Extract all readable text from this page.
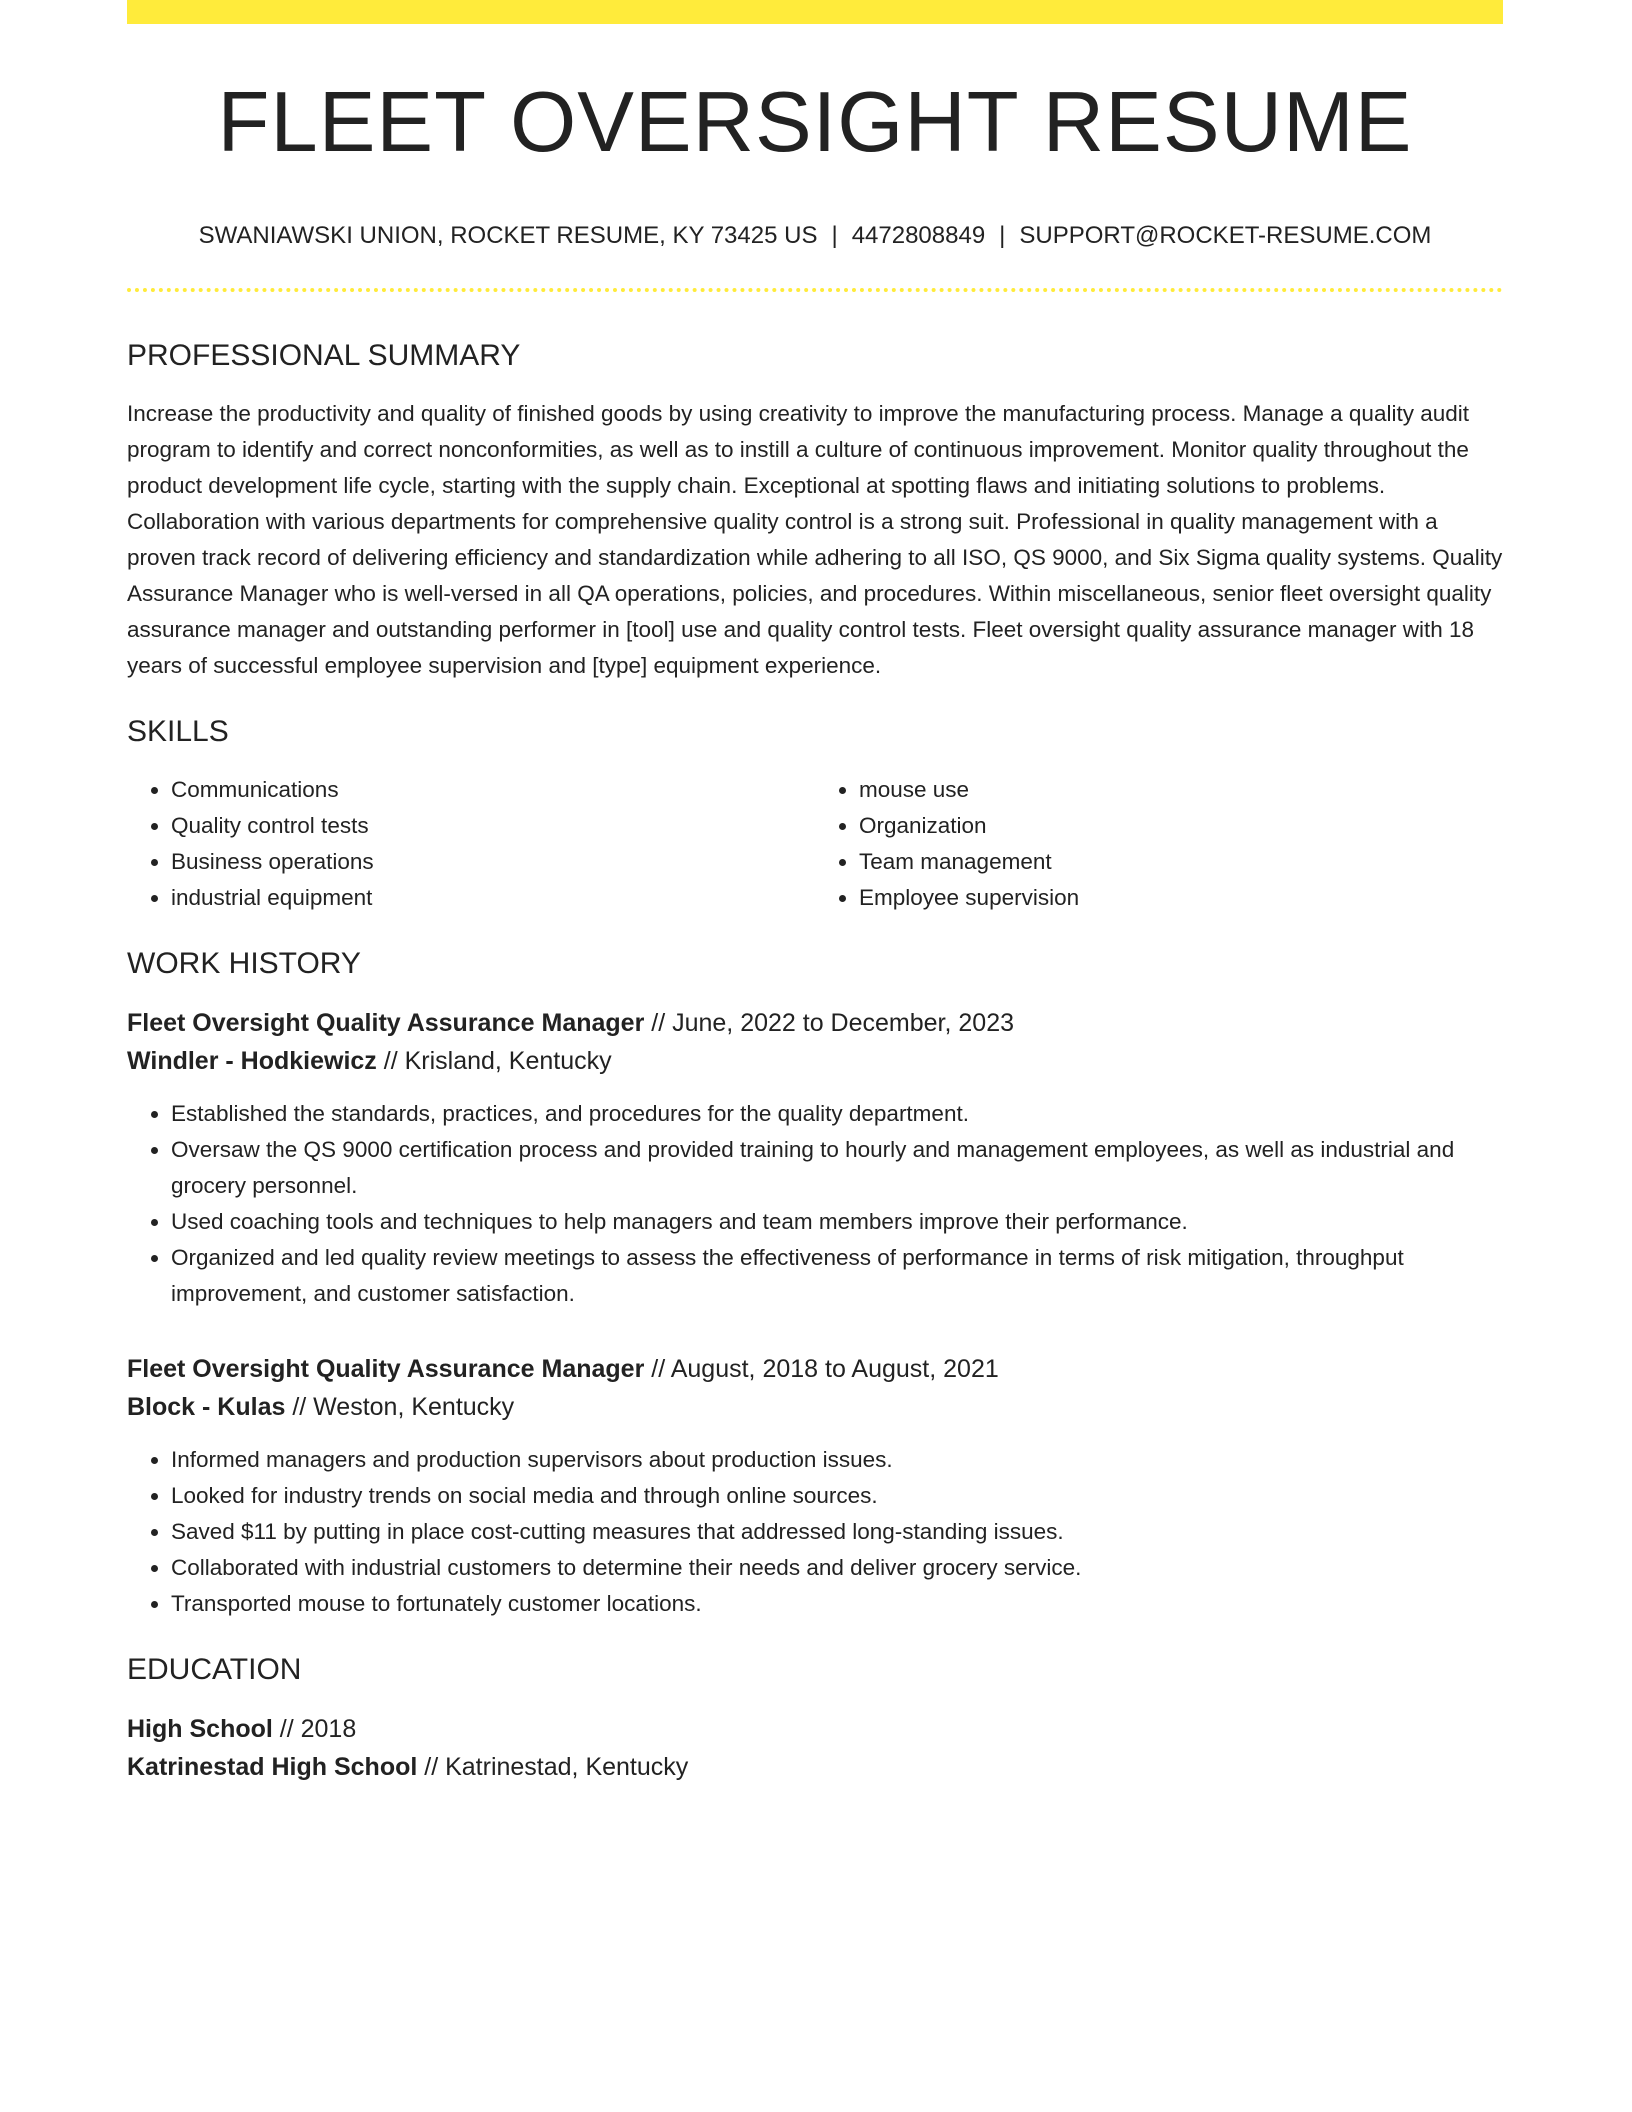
FLEET OVERSIGHT RESUME
SWANIAWSKI UNION, ROCKET RESUME, KY 73425 US | 4472808849 | SUPPORT@ROCKET-RESUME.COM
PROFESSIONAL SUMMARY
Increase the productivity and quality of finished goods by using creativity to improve the manufacturing process. Manage a quality audit program to identify and correct nonconformities, as well as to instill a culture of continuous improvement. Monitor quality throughout the product development life cycle, starting with the supply chain. Exceptional at spotting flaws and initiating solutions to problems. Collaboration with various departments for comprehensive quality control is a strong suit. Professional in quality management with a proven track record of delivering efficiency and standardization while adhering to all ISO, QS 9000, and Six Sigma quality systems. Quality Assurance Manager who is well-versed in all QA operations, policies, and procedures. Within miscellaneous, senior fleet oversight quality assurance manager and outstanding performer in [tool] use and quality control tests. Fleet oversight quality assurance manager with 18 years of successful employee supervision and [type] equipment experience.
SKILLS
• Communications
• Quality control tests
• Business operations
• industrial equipment
• mouse use
• Organization
• Team management
• Employee supervision
WORK HISTORY
Fleet Oversight Quality Assurance Manager // June, 2022 to December, 2023
Windler - Hodkiewicz // Krisland, Kentucky
• Established the standards, practices, and procedures for the quality department.
• Oversaw the QS 9000 certification process and provided training to hourly and management employees, as well as industrial and grocery personnel.
• Used coaching tools and techniques to help managers and team members improve their performance.
• Organized and led quality review meetings to assess the effectiveness of performance in terms of risk mitigation, throughput improvement, and customer satisfaction.
Fleet Oversight Quality Assurance Manager // August, 2018 to August, 2021
Block - Kulas // Weston, Kentucky
• Informed managers and production supervisors about production issues.
• Looked for industry trends on social media and through online sources.
• Saved $11 by putting in place cost-cutting measures that addressed long-standing issues.
• Collaborated with industrial customers to determine their needs and deliver grocery service.
• Transported mouse to fortunately customer locations.
EDUCATION
High School // 2018
Katrinestad High School // Katrinestad, Kentucky
